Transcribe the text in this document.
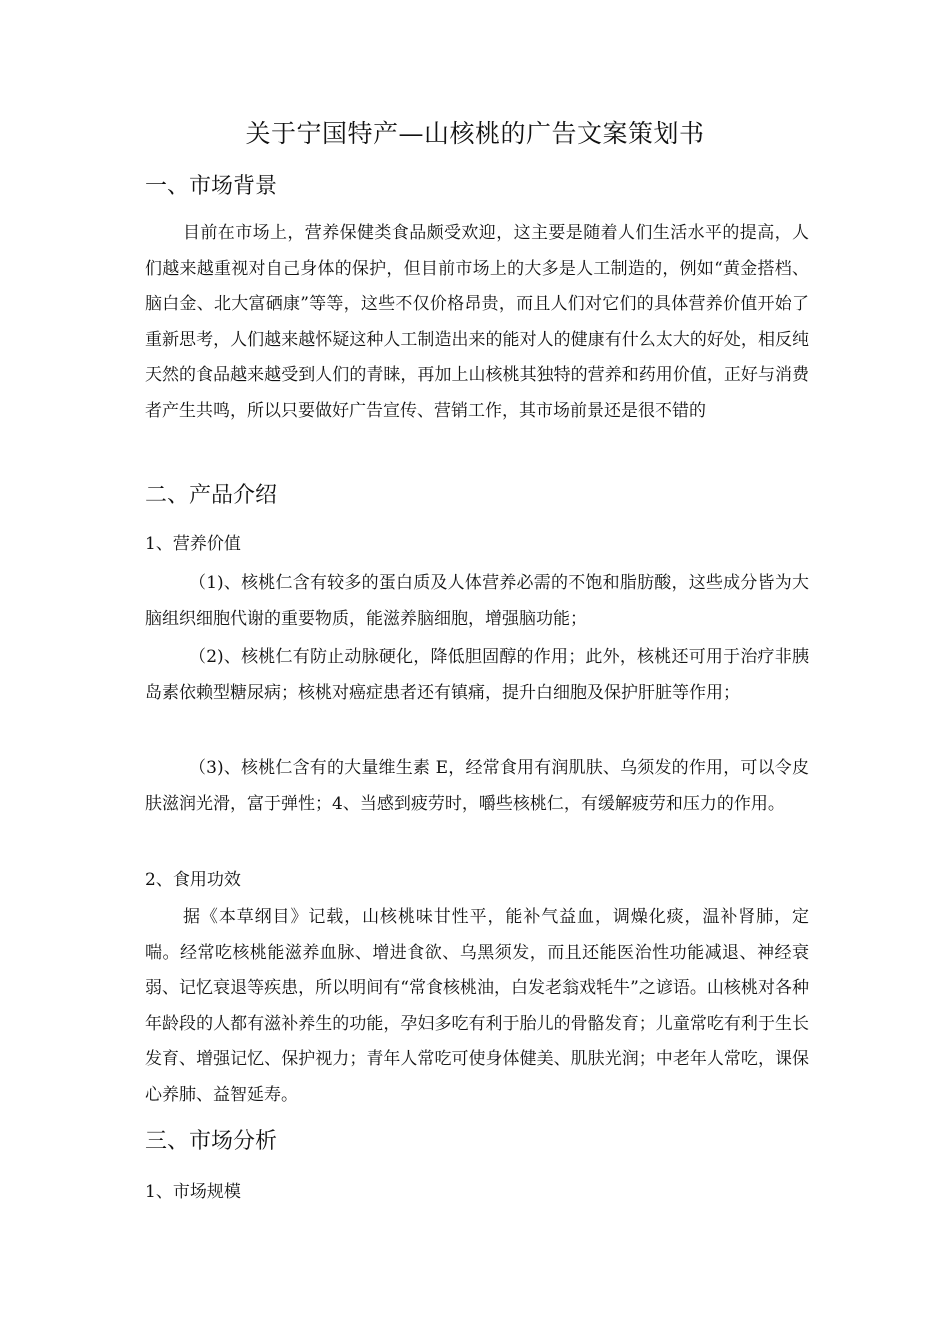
关于宁国特产—山核桃的广告文案策划书
一、市场背景
目前在市场上，营养保健类食品颇受欢迎，这主要是随着人们生活水平的提高，人们越来越重视对自己身体的保护，但目前市场上的大多是人工制造的，例如“黄金搭档、脑白金、北大富硒康”等等，这些不仅价格昂贵，而且人们对它们的具体营养价值开始了重新思考，人们越来越怀疑这种人工制造出来的能对人的健康有什么太大的好处，相反纯天然的食品越来越受到人们的青睐，再加上山核桃其独特的营养和药用价值，正好与消费者产生共鸣，所以只要做好广告宣传、营销工作，其市场前景还是很不错的
二、产品介绍
1、营养价值
（1)、核桃仁含有较多的蛋白质及人体营养必需的不饱和脂肪酸，这些成分皆为大脑组织细胞代谢的重要物质，能滋养脑细胞，增强脑功能；
（2)、核桃仁有防止动脉硬化，降低胆固醇的作用；此外，核桃还可用于治疗非胰岛素依赖型糖尿病；核桃对癌症患者还有镇痛，提升白细胞及保护肝脏等作用；
（3)、核桃仁含有的大量维生素 E，经常食用有润肌肤、乌须发的作用，可以令皮肤滋润光滑，富于弹性；4、当感到疲劳时，嚼些核桃仁，有缓解疲劳和压力的作用。
2、食用功效
据《本草纲目》记载，山核桃味甘性平，能补气益血，调燥化痰，温补肾肺，定喘。经常吃核桃能滋养血脉、增进食欲、乌黑须发，而且还能医治性功能减退、神经衰弱、记忆衰退等疾患，所以明间有“常食核桃油，白发老翁戏牦牛”之谚语。山核桃对各种年龄段的人都有滋补养生的功能，孕妇多吃有利于胎儿的骨骼发育；儿童常吃有利于生长发育、增强记忆、保护视力；青年人常吃可使身体健美、肌肤光润；中老年人常吃，课保心养肺、益智延寿。
三、市场分析
1、市场规模
